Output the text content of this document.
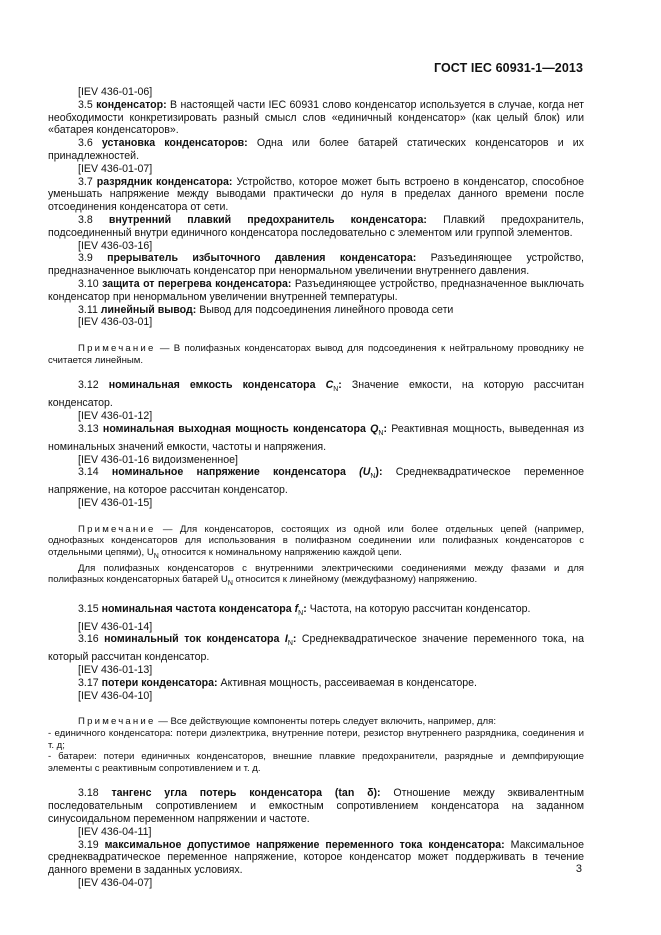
ГОСТ IEC 60931-1—2013

[IEV 436-01-06]

3.5 конденсатор: В настоящей части IEC 60931 слово конденсатор используется в случае, когда нет необходимости конкретизировать разный смысл слов «единичный конденсатор» (как целый блок) или «батарея конденсаторов».

3.6 установка конденсаторов: Одна или более батарей статических конденсаторов и их принадлежностей.

[IEV 436-01-07]

3.7 разрядник конденсатора: Устройство, которое может быть встроено в конденсатор, способное уменьшать напряжение между выводами практически до нуля в пределах данного времени после отсоединения конденсатора от сети.

3.8 внутренний плавкий предохранитель конденсатора: Плавкий предохранитель, подсоединенный внутри единичного конденсатора последовательно с элементом или группой элементов.

[IEV 436-03-16]

3.9 прерыватель избыточного давления конденсатора: Разъединяющее устройство, предназначенное выключать конденсатор при ненормальном увеличении внутреннего давления.

3.10 защита от перегрева конденсатора: Разъединяющее устройство, предназначенное выключать конденсатор при ненормальном увеличении внутренней температуры.

3.11 линейный вывод: Вывод для подсоединения линейного провода сети

[IEV 436-03-01]

Примечание — В полифазных конденсаторах вывод для подсоединения к нейтральному проводнику не считается линейным.

3.12 номинальная емкость конденсатора $C_N$: Значение емкости, на которую рассчитан конденсатор.

[IEV 436-01-12]

3.13 номинальная выходная мощность конденсатора $Q_N$: Реактивная мощность, выведенная из номинальных значений емкости, частоты и напряжения.

[IEV 436-01-16 видоизмененное]

3.14 номинальное напряжение конденсатора $(U_N)$: Среднеквадратическое переменное напряжение, на которое рассчитан конденсатор.

[IEV 436-01-15]

Примечание — Для конденсаторов, состоящих из одной или более отдельных цепей (например, однофазных конденсаторов для использования в полифазном соединении или полифазных конденсаторов с отдельными цепями), $U_N$ относится к номинальному напряжению каждой цепи.

Для полифазных конденсаторов с внутренними электрическими соединениями между фазами и для полифазных конденсаторных батарей $U_N$ относится к линейному (междуфазному) напряжению.

3.15 номинальная частота конденсатора $f_N$: Частота, на которую рассчитан конденсатор.

[IEV 436-01-14]

3.16 номинальный ток конденсатора $I_N$: Среднеквадратическое значение переменного тока, на который рассчитан конденсатор.

[IEV 436-01-13]

3.17 потери конденсатора: Активная мощность, рассеиваемая в конденсаторе.

[IEV 436-04-10]

Примечание — Все действующие компоненты потерь следует включить, например, для:

- единичного конденсатора: потери диэлектрика, внутренние потери, резистор внутреннего разрядника, соединения и т. д;

- батареи: потери единичных конденсаторов, внешние плавкие предохранители, разрядные и демпфирующие элементы с реактивным сопротивлением и т. д.

3.18 тангенс угла потерь конденсатора (tan δ): Отношение между эквивалентным последовательным сопротивлением и емкостным сопротивлением конденсатора на заданном синусоидальном переменном напряжении и частоте.

[IEV 436-04-11]

3.19 максимальное допустимое напряжение переменного тока конденсатора: Максимальное среднеквадратическое переменное напряжение, которое конденсатор может поддерживать в течение данного времени в заданных условиях.

[IEV 436-04-07]

3
